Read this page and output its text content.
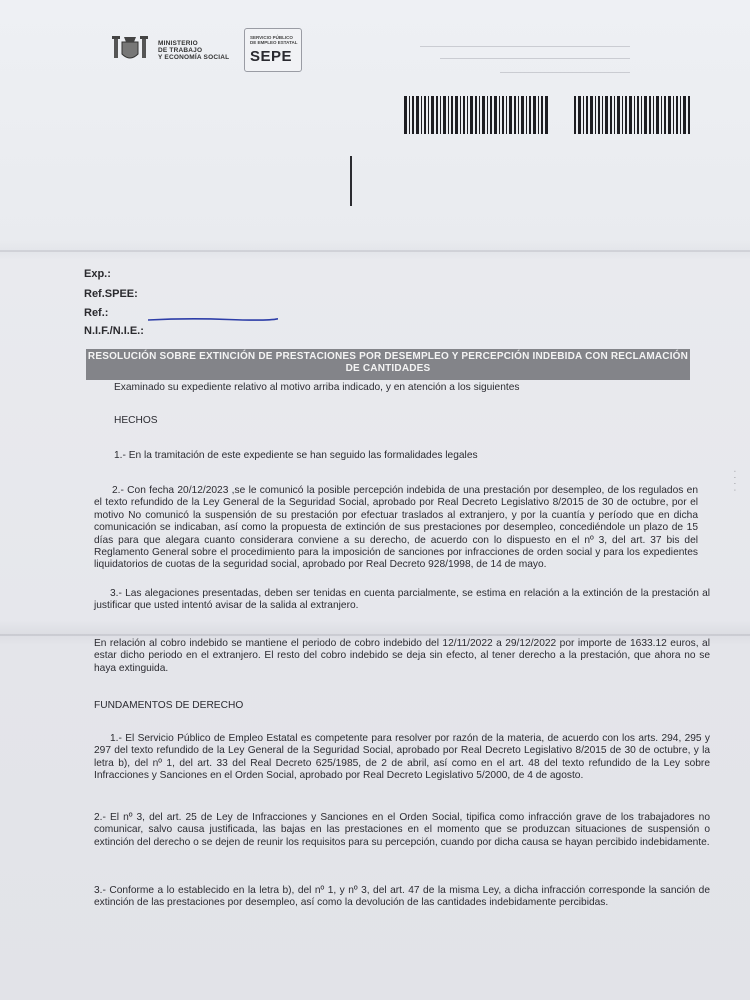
MINISTERIO
DE TRABAJO
Y ECONOMÍA SOCIAL
SERVICIO PÚBLICO
DE EMPLEO ESTATAL
SEPE
Exp.:
Ref.SPEE:
Ref.:
N.I.F./N.I.E.:
RESOLUCIÓN SOBRE EXTINCIÓN DE PRESTACIONES POR DESEMPLEO Y PERCEPCIÓN INDEBIDA CON RECLAMACIÓN DE CANTIDADES
Examinado su expediente relativo al motivo arriba indicado, y en atención a los siguientes
HECHOS
1.- En la tramitación de este expediente se han seguido las formalidades legales
2.- Con fecha 20/12/2023 ,se le comunicó la posible percepción indebida de una prestación por desempleo, de los regulados en el texto refundido de la Ley General de la Seguridad Social, aprobado por Real Decreto Legislativo 8/2015 de 30 de octubre, por el motivo No comunicó la suspensión de su prestación por efectuar traslados al extranjero, y por la cuantía y período que en dicha comunicación se indicaban, así como la propuesta de extinción de sus prestaciones por desempleo, concediéndole un plazo de 15 días para que alegara cuanto considerara conviene a su derecho, de acuerdo con lo dispuesto en el nº 3, del art. 37 bis del Reglamento General sobre el procedimiento para la imposición de sanciones por infracciones de orden social y para los expedientes liquidatorios de cuotas de la seguridad social, aprobado por Real Decreto 928/1998, de 14 de mayo.
3.- Las alegaciones presentadas, deben ser tenidas en cuenta parcialmente, se estima en relación a la extinción de la prestación al justificar que usted intentó avisar de la salida al extranjero.
En relación al cobro indebido se mantiene el periodo de cobro indebido del 12/11/2022 a 29/12/2022 por importe de 1633.12 euros, al estar dicho periodo en el extranjero. El resto del cobro indebido se deja sin efecto, al tener derecho a la prestación, que ahora no se haya extinguida.
FUNDAMENTOS DE DERECHO
1.- El Servicio Público de Empleo Estatal es competente para resolver por razón de la materia, de acuerdo con los arts. 294, 295 y 297 del texto refundido de la Ley General de la Seguridad Social, aprobado por Real Decreto Legislativo 8/2015 de 30 de octubre, y la letra b), del nº 1, del art. 33 del Real Decreto 625/1985, de 2 de abril, así como en el art. 48 del texto refundido de la Ley sobre Infracciones y Sanciones en el Orden Social, aprobado por Real Decreto Legislativo 5/2000, de 4 de agosto.
2.- El nº 3, del art. 25 de Ley de Infracciones y Sanciones en el Orden Social, tipifica como infracción grave de los trabajadores no comunicar, salvo causa justificada, las bajas en las prestaciones en el momento que se produzcan situaciones de suspensión o extinción del derecho o se dejen de reunir los requisitos para su percepción, cuando por dicha causa se hayan percibido indebidamente.
3.- Conforme a lo establecido en la letra b), del nº 1, y nº 3, del art. 47 de la misma Ley, a dicha infracción corresponde la sanción de extinción de las prestaciones por desempleo, así como la devolución de las cantidades indebidamente percibidas.
· · · ·
